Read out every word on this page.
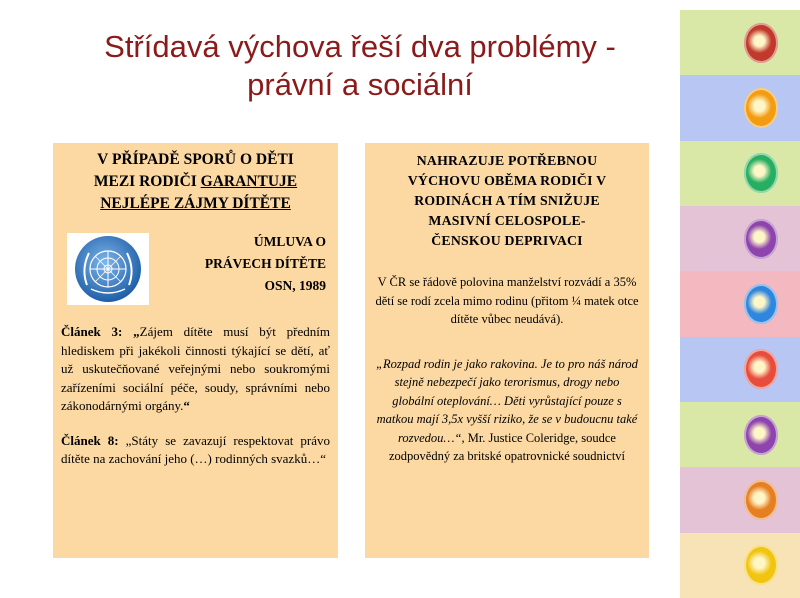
Střídavá výchova řeší dva problémy -
právní a sociální
V PŘÍPADĚ SPORŮ O DĚTI
MEZI RODIČI GARANTUJE
NEJLÉPE ZÁJMY DÍTĚTE
ÚMLUVA O
PRÁVECH DÍTĚTE
OSN, 1989
Článek 3: „Zájem dítěte musí být předním hlediskem při jakékoli činnosti týkající se dětí, ať už uskutečňované veřejnými nebo soukromými zařízeními sociální péče, soudy, správními nebo zákonodárnými orgány.“
Článek 8: „Státy se zavazují respektovat právo dítěte na zachování jeho (…) rodinných svazků…“
NAHRAZUJE POTŘEBNOU
VÝCHOVU OBĚMA RODIČI V
RODINÁCH A TÍM SNIŽUJE
MASIVNÍ CELOSPOLE-
ČENSKOU DEPRIVACI
V ČR se řádově polovina manželství rozvádí a 35% dětí se rodí zcela mimo rodinu (přitom ¼ matek otce dítěte vůbec neudává).
„Rozpad rodin je jako rakovina. Je to pro náš národ stejně nebezpečí jako terorismus, drogy nebo globální oteplování… Děti vyrůstající pouze s matkou mají 3,5x vyšší riziko, že se v budoucnu také rozvedou…“, Mr. Justice Coleridge, soudce zodpovědný za britské opatrovnické soudnictví
